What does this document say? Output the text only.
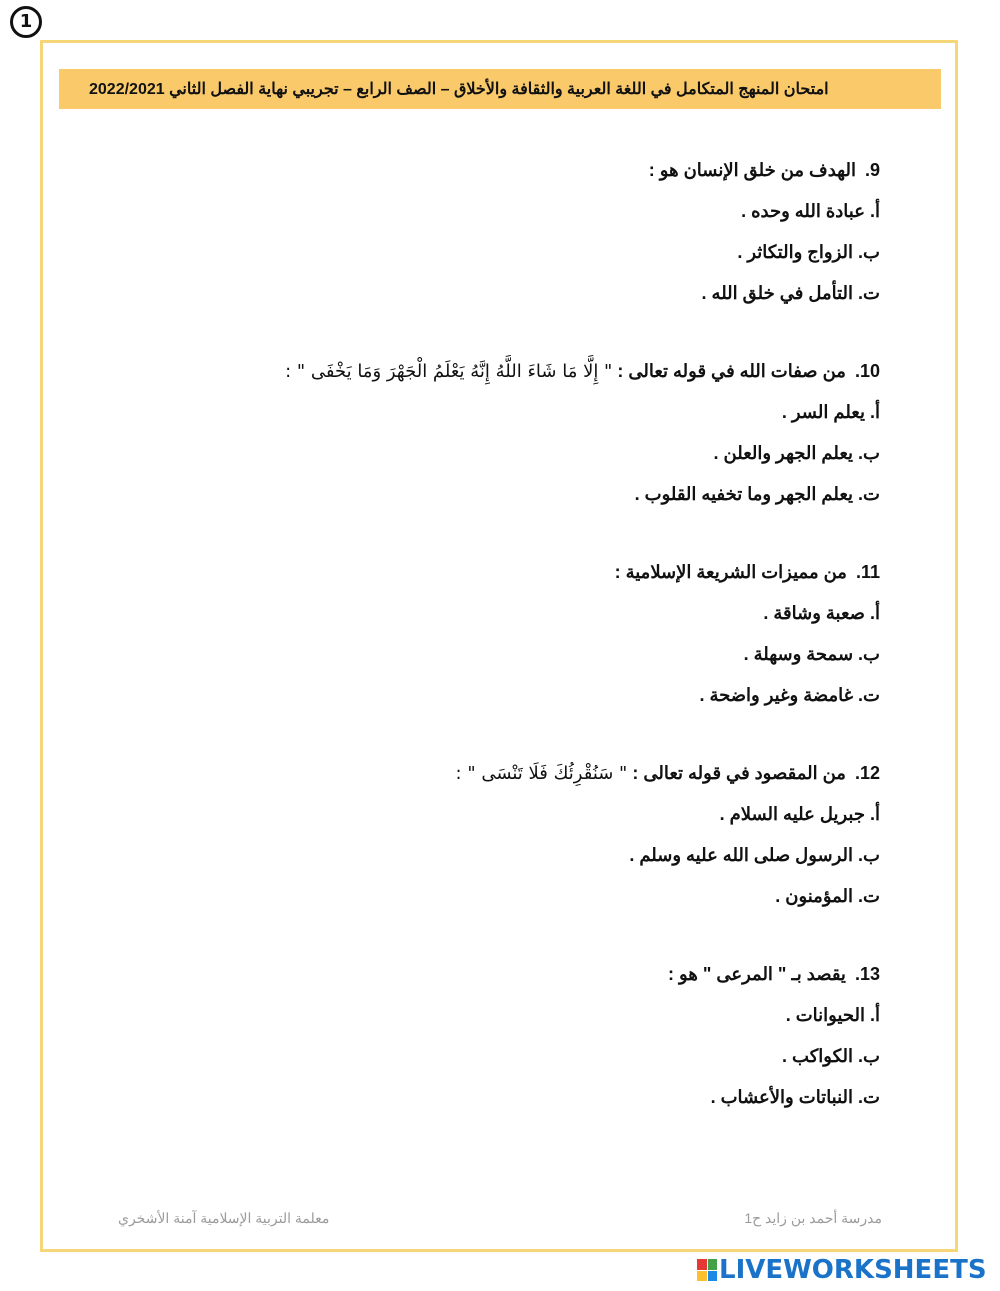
1
امتحان المنهج المتكامل في اللغة العربية والثقافة والأخلاق – الصف الرابع – تجريبي نهاية الفصل الثاني 2022/2021
9. الهدف من خلق الإنسان هو :
أ. عبادة الله وحده .
ب. الزواج والتكاثر .
ت. التأمل في خلق الله .
10. من صفات الله في قوله تعالى : " إِلَّا مَا شَاءَ اللَّهُ إِنَّهُ يَعْلَمُ الْجَهْرَ وَمَا يَخْفَى " :
أ. يعلم السر .
ب. يعلم الجهر والعلن .
ت. يعلم الجهر وما تخفيه القلوب .
11. من مميزات الشريعة الإسلامية :
أ. صعبة وشاقة .
ب. سمحة وسهلة .
ت. غامضة وغير واضحة .
12. من المقصود في قوله تعالى : " سَنُقْرِئُكَ فَلَا تَنْسَى " :
أ. جبريل عليه السلام .
ب. الرسول صلى الله عليه وسلم .
ت. المؤمنون .
13. يقصد بـ " المرعى " هو :
أ. الحيوانات .
ب. الكواكب .
ت. النباتات والأعشاب .
مدرسة أحمد بن زايد ح1
معلمة التربية الإسلامية آمنة الأشخري
LIVEWORKSHEETS
